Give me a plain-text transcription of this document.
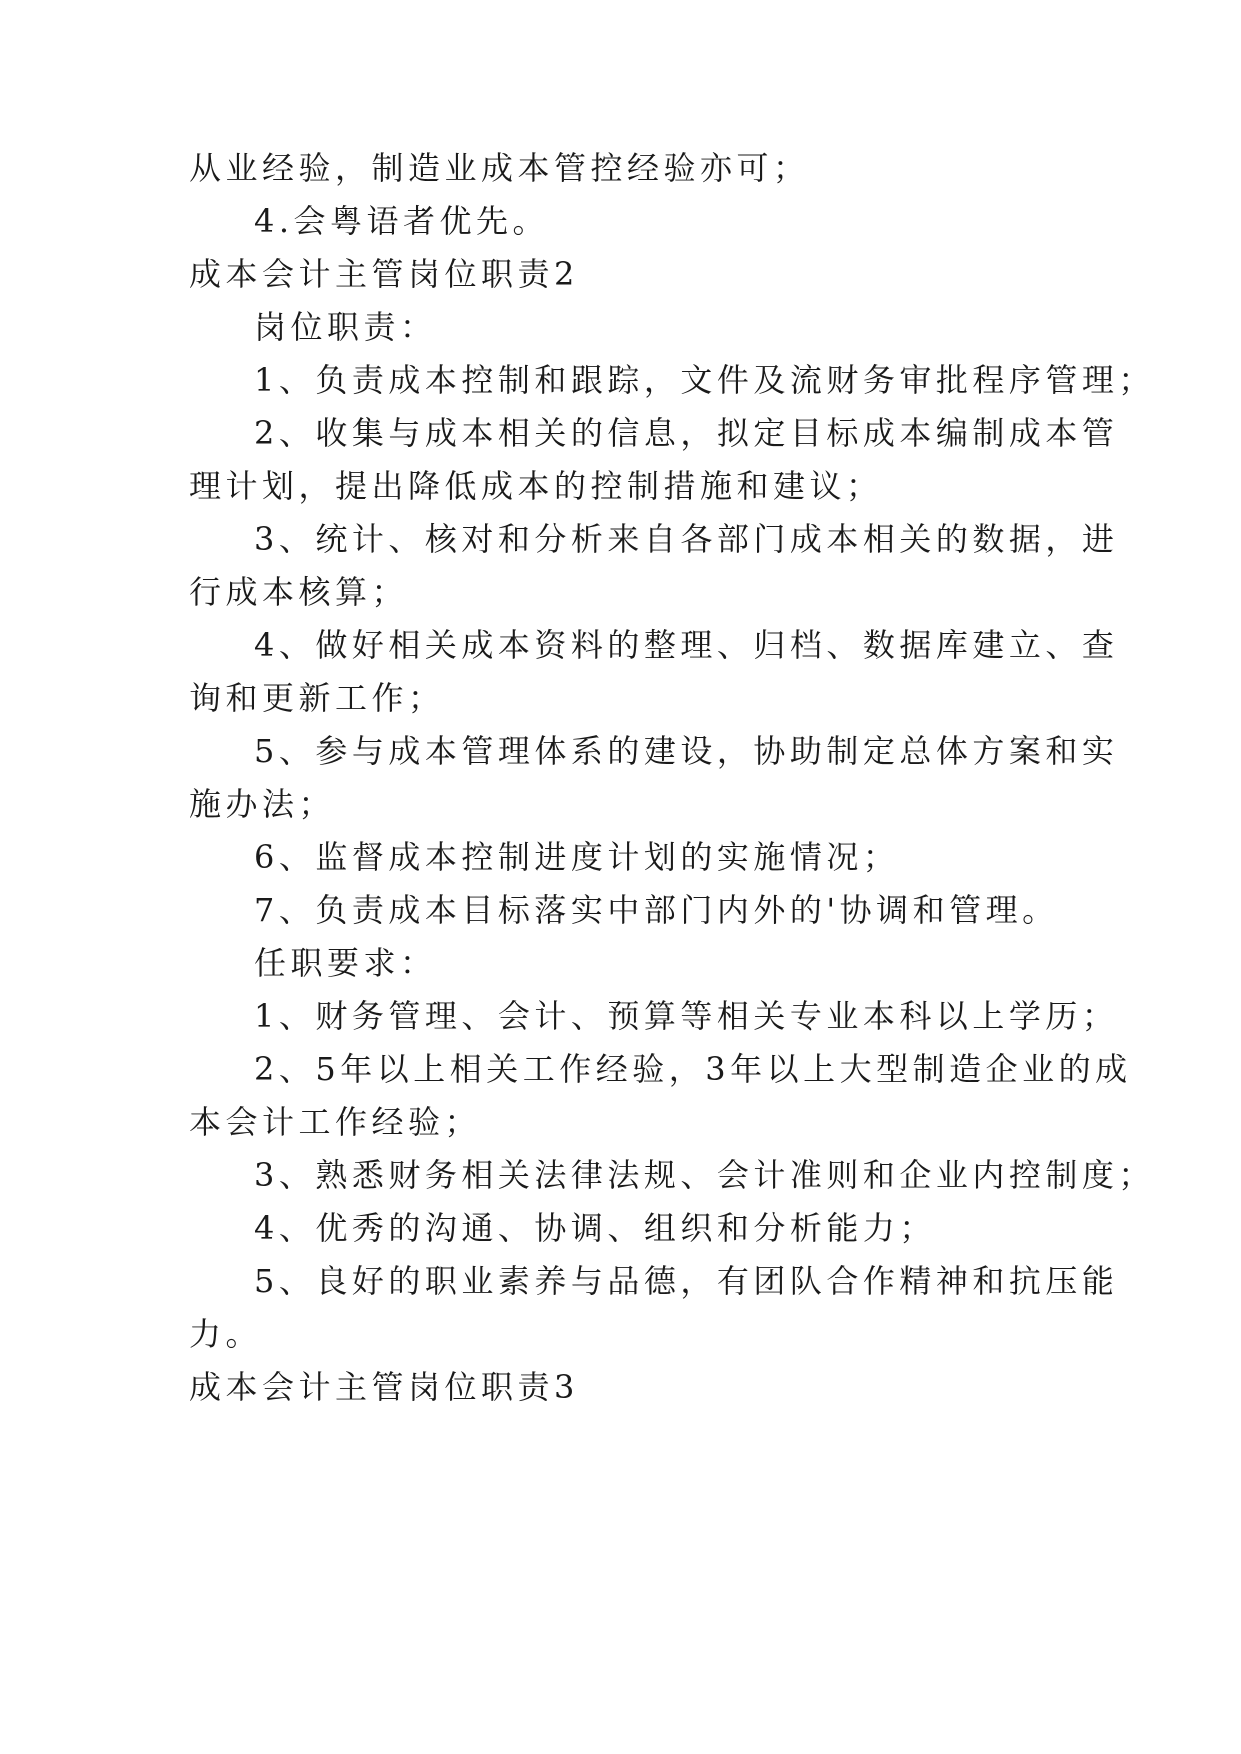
从业经验，制造业成本管控经验亦可；
4.会粤语者优先。
成本会计主管岗位职责2
岗位职责：
1、负责成本控制和跟踪，文件及流财务审批程序管理；
2、收集与成本相关的信息，拟定目标成本编制成本管
理计划，提出降低成本的控制措施和建议；
3、统计、核对和分析来自各部门成本相关的数据，进
行成本核算；
4、做好相关成本资料的整理、归档、数据库建立、查
询和更新工作；
5、参与成本管理体系的建设，协助制定总体方案和实
施办法；
6、监督成本控制进度计划的实施情况；
7、负责成本目标落实中部门内外的'协调和管理。
任职要求：
1、财务管理、会计、预算等相关专业本科以上学历；
2、5年以上相关工作经验，3年以上大型制造企业的成
本会计工作经验；
3、熟悉财务相关法律法规、会计准则和企业内控制度；
4、优秀的沟通、协调、组织和分析能力；
5、良好的职业素养与品德，有团队合作精神和抗压能
力。
成本会计主管岗位职责3
